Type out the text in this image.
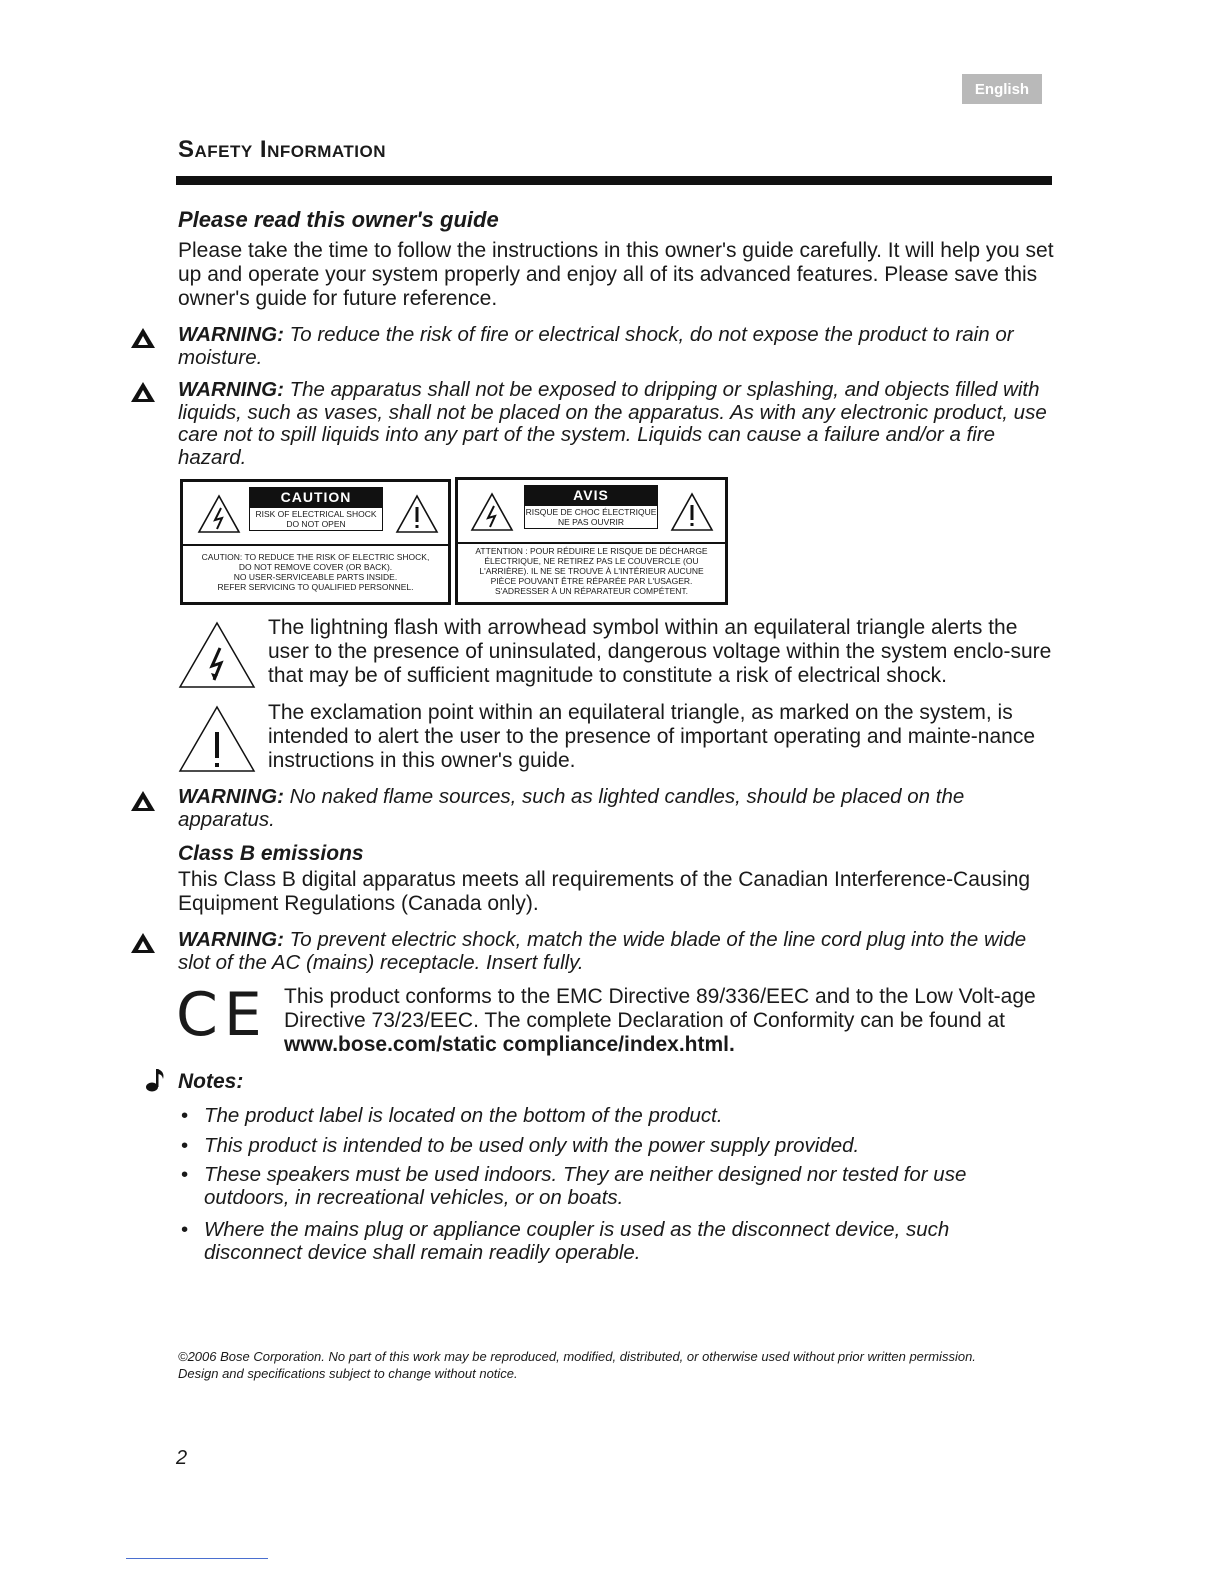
English
Safety Information
Please read this owner's guide

Please take the time to follow the instructions in this owner's guide carefully. It will help you set up and operate your system properly and enjoy all of its advanced features. Please save this owner's guide for future reference.

WARNING: To reduce the risk of fire or electrical shock, do not expose the product to rain or moisture.

WARNING: The apparatus shall not be exposed to dripping or splashing, and objects filled with liquids, such as vases, shall not be placed on the apparatus. As with any electronic product, use care not to spill liquids into any part of the system. Liquids can cause a failure and/or a fire hazard.

CAUTION
RISK OF ELECTRICAL SHOCK
DO NOT OPEN
CAUTION: TO REDUCE THE RISK OF ELECTRIC SHOCK,
DO NOT REMOVE COVER (OR BACK).
NO USER-SERVICEABLE PARTS INSIDE.
REFER SERVICING TO QUALIFIED PERSONNEL.
AVIS
RISQUE DE CHOC ÉLECTRIQUE
NE PAS OUVRIR
ATTENTION : POUR RÉDUIRE LE RISQUE DE DÉCHARGE
ÉLECTRIQUE, NE RETIREZ PAS LE COUVERCLE (OU
L'ARRIÈRE). IL NE SE TROUVE À L'INTÉRIEUR AUCUNE
PIÈCE POUVANT ÊTRE RÉPARÉE PAR L'USAGER.
S'ADRESSER À UN RÉPARATEUR COMPÉTENT.

The lightning flash with arrowhead symbol within an equilateral triangle alerts the user to the presence of uninsulated, dangerous voltage within the system enclo-sure that may be of sufficient magnitude to constitute a risk of electrical shock.

The exclamation point within an equilateral triangle, as marked on the system, is intended to alert the user to the presence of important operating and mainte-nance instructions in this owner's guide.

WARNING: No naked flame sources, such as lighted candles, should be placed on the apparatus.

Class B emissions

This Class B digital apparatus meets all requirements of the Canadian Interference-Causing Equipment Regulations (Canada only).

WARNING: To prevent electric shock, match the wide blade of the line cord plug into the wide slot of the AC (mains) receptacle. Insert fully.

CE This product conforms to the EMC Directive 89/336/EEC and to the Low Volt-age Directive 73/23/EEC. The complete Declaration of Conformity can be found at www.bose.com/static compliance/index.html.

Notes:
• The product label is located on the bottom of the product.
• This product is intended to be used only with the power supply provided.
• These speakers must be used indoors. They are neither designed nor tested for use outdoors, in recreational vehicles, or on boats.
• Where the mains plug or appliance coupler is used as the disconnect device, such disconnect device shall remain readily operable.

©2006 Bose Corporation. No part of this work may be reproduced, modified, distributed, or otherwise used without prior written permission.

Design and specifications subject to change without notice.

2
